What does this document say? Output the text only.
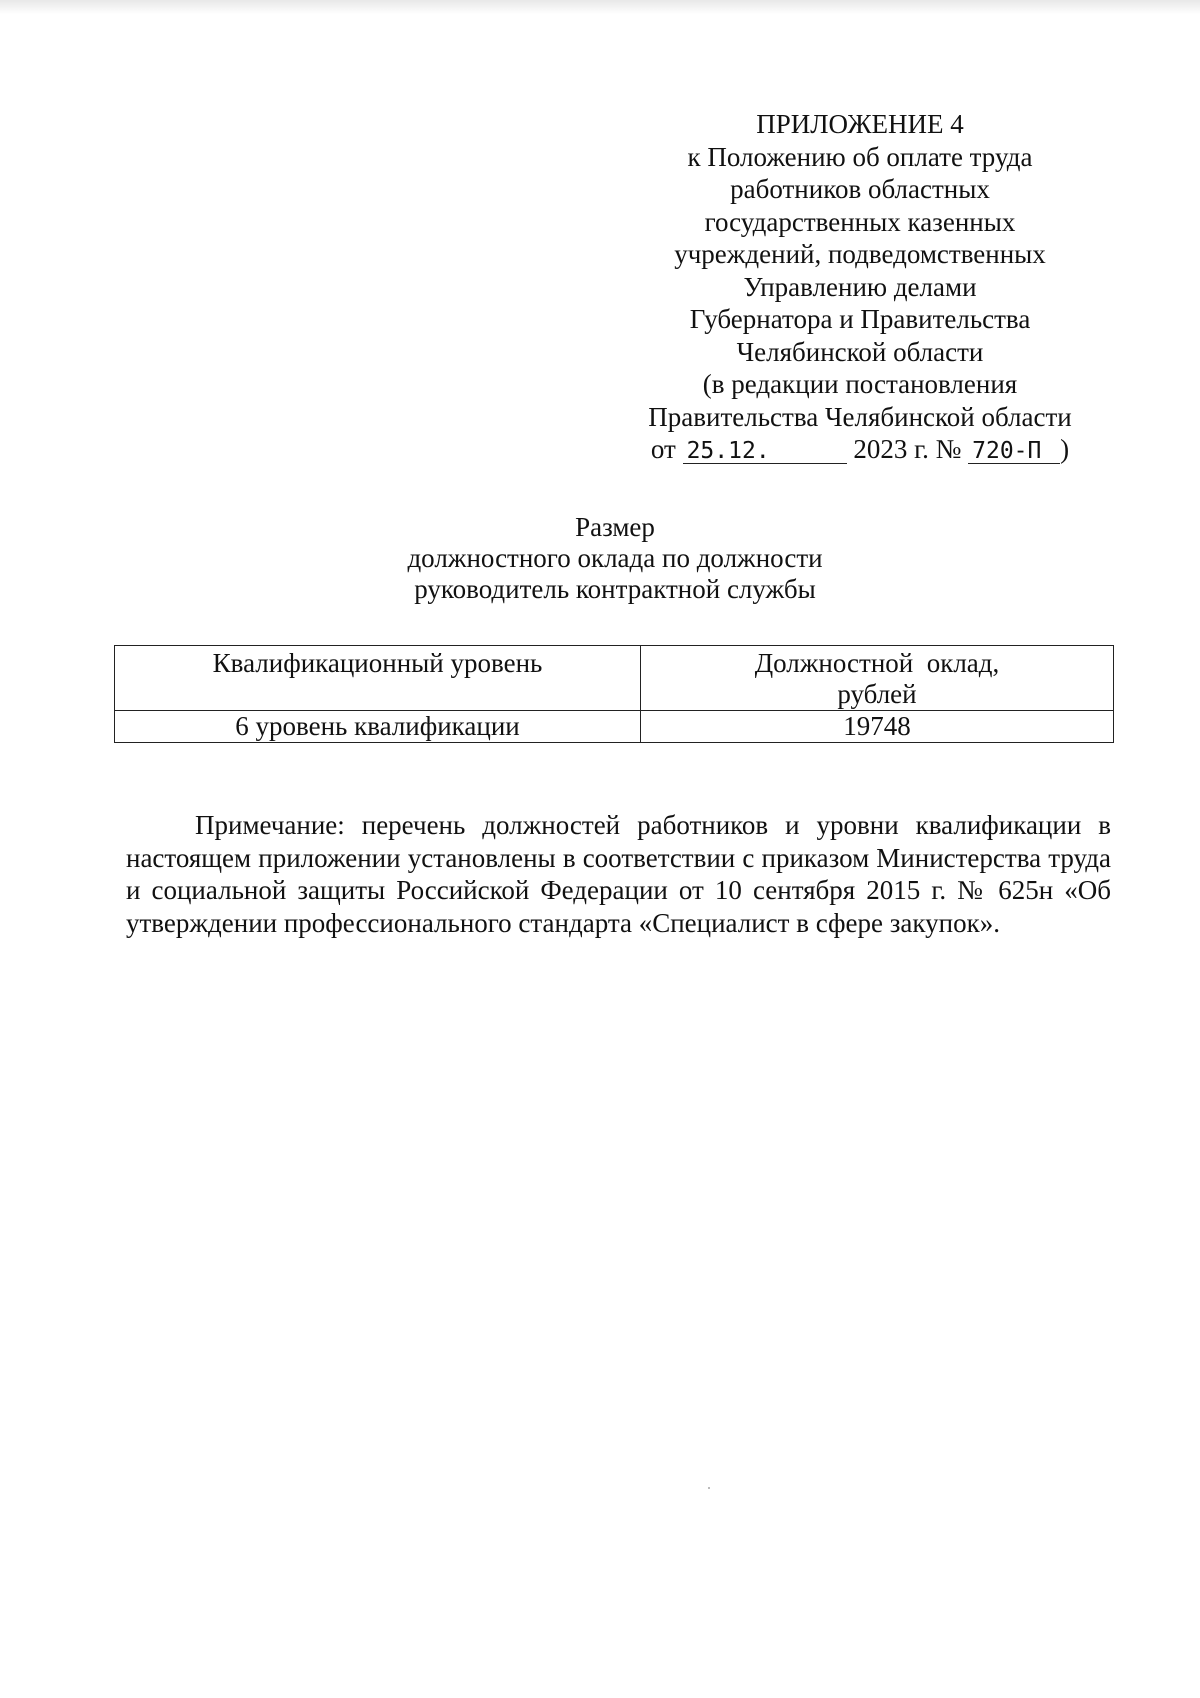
ПРИЛОЖЕНИЕ 4
к Положению об оплате труда
работников областных
государственных казенных
учреждений, подведомственных
Управлению делами
Губернатора и Правительства
Челябинской области
(в редакции постановления
Правительства Челябинской области
от 25.12.	2023 г. № 720-П )
Размер
должностного оклада по должности
руководитель контрактной службы
Квалификационный уровень	Должностной  оклад,
рублей
6 уровень квалификации	19748
Примечание: перечень должностей работников и уровни квалификации в настоящем приложении установлены в соответствии с приказом Министерства труда и социальной защиты Российской Федерации от 10 сентября 2015 г. № 625н «Об утверждении профессионального стандарта «Специалист в сфере закупок».
